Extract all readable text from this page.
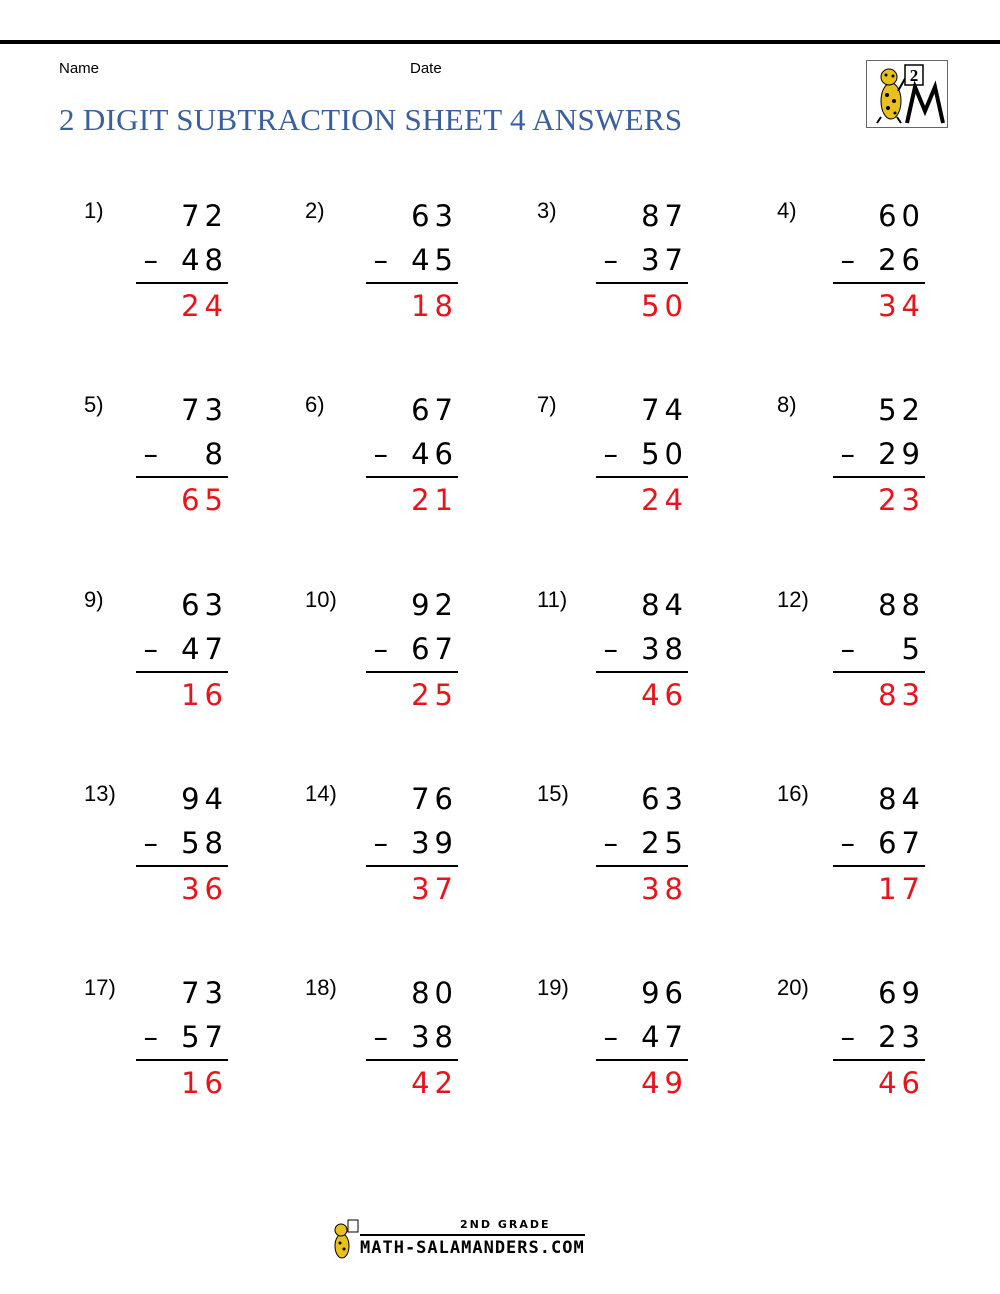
Name	Date
2 DIGIT SUBTRACTION SHEET 4 ANSWERS
2
1)	72
– 48
24
2)	63
– 45
18
3)	87
– 37
50
4)	60
– 26
34
5)	73
–	8
65
6)	67
– 46
21
7)	74
– 50
24
8)	52
– 29
23
9)	63
– 47
16
10)	92
– 67
25
11)	84
– 38
46
12)	88
–	5
83
13)	94
– 58
36
14)	76
– 39
37
15)	63
– 25
38
16)	84
– 67
17
17)	73
– 57
16
18)	80
– 38
42
19)	96
– 47
49
20)	69
– 23
46
2ND GRADE
MATH-SALAMANDERS.COM
